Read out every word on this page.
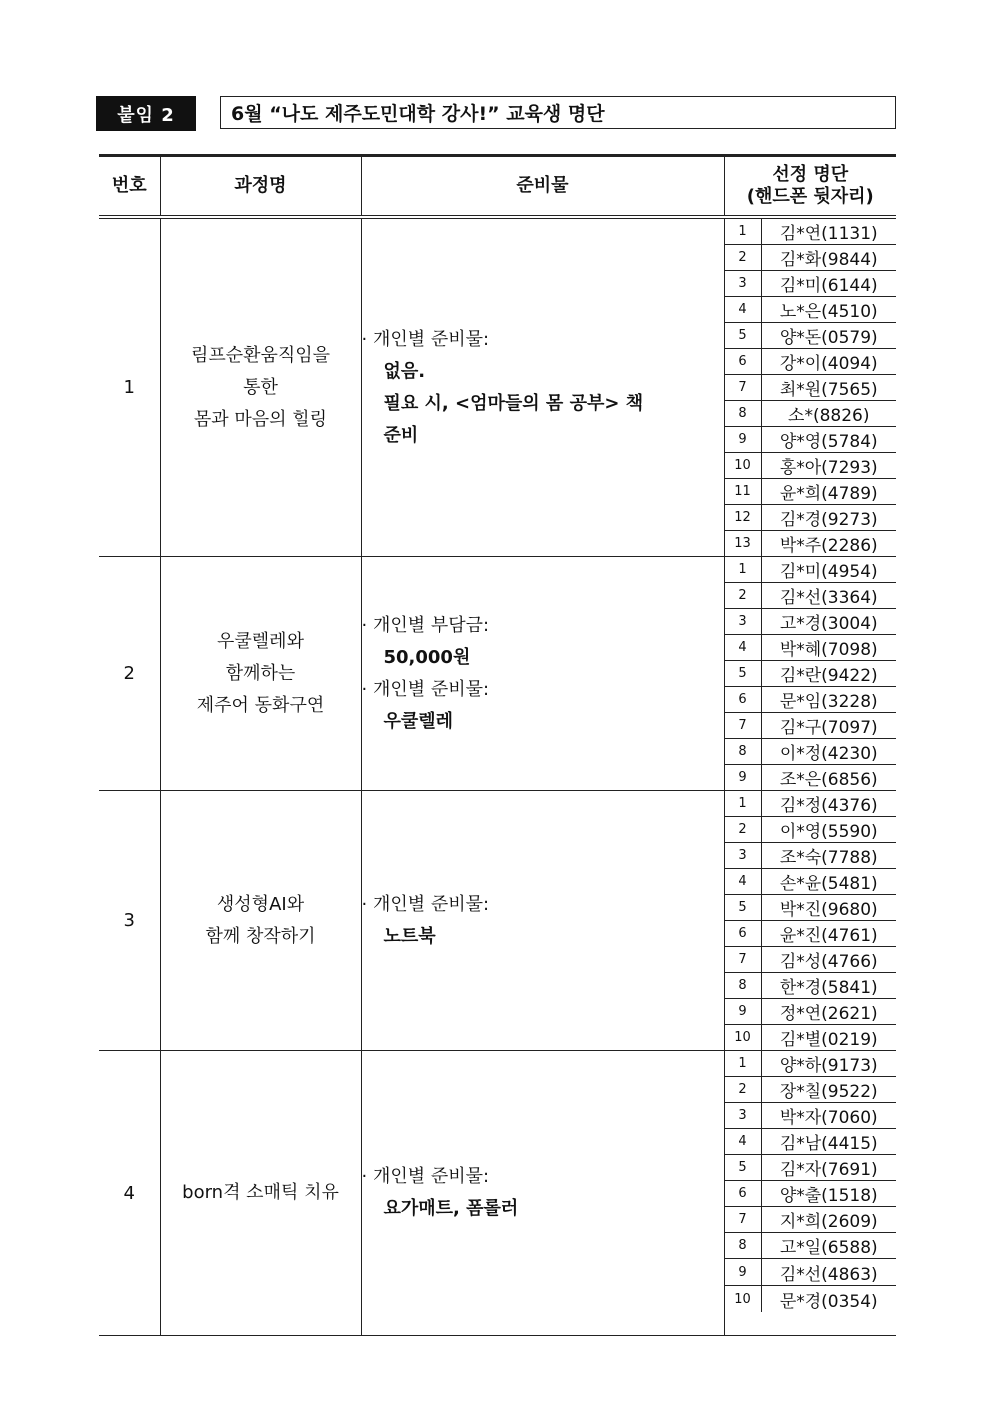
붙임 2	6월 “나도 제주도민대학 강사!” 교육생 명단
번호	과정명	준비물	선정 명단
(핸드폰 뒷자리)
1	림프순환움직임을
통한
몸과 마음의 힐링	
· 개인별 준비물:
없음.
필요 시, <엄마들의 몸 공부> 책
준비

1	김*연(1131)
2	김*화(9844)
3	김*미(6144)
4	노*은(4510)
5	양*돈(0579)
6	강*이(4094)
7	최*원(7565)
8	소*(8826)
9	양*영(5784)
10	홍*아(7293)
11	윤*희(4789)
12	김*경(9273)
13	박*주(2286)

2	우쿨렐레와
함께하는
제주어 동화구연	
· 개인별 부담금:
50,000원
· 개인별 준비물:
우쿨렐레

1	김*미(4954)
2	김*선(3364)
3	고*경(3004)
4	박*혜(7098)
5	김*란(9422)
6	문*임(3228)
7	김*구(7097)
8	이*정(4230)
9	조*은(6856)

3	생성형AI와
함께 창작하기	
· 개인별 준비물:
노트북

1	김*정(4376)
2	이*영(5590)
3	조*숙(7788)
4	손*윤(5481)
5	박*진(9680)
6	윤*진(4761)
7	김*성(4766)
8	한*경(5841)
9	정*연(2621)
10	김*별(0219)

4	born격 소매틱 치유	
· 개인별 준비물:
요가매트, 폼롤러

1	양*하(9173)
2	장*칠(9522)
3	박*자(7060)
4	김*남(4415)
5	김*자(7691)
6	양*출(1518)
7	지*희(2609)
8	고*일(6588)
9	김*선(4863)
10	문*경(0354)
